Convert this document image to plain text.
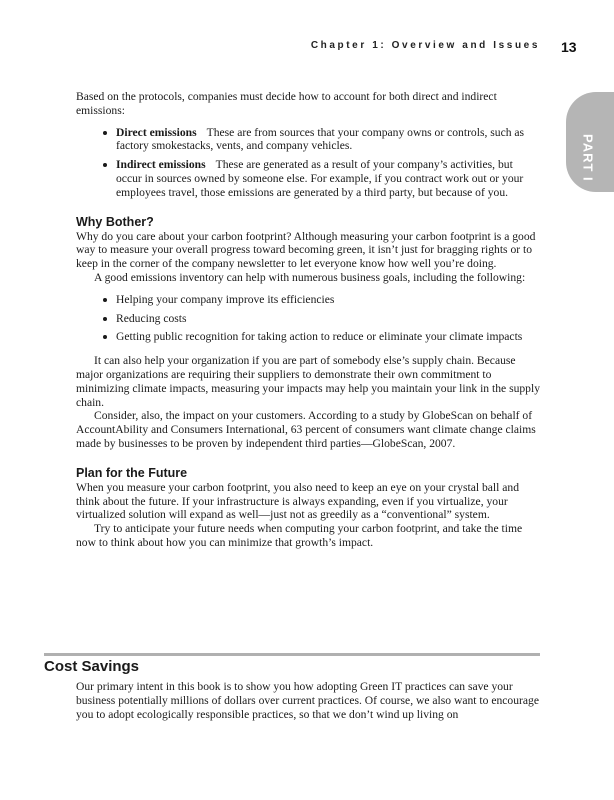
Chapter 1: Overview and Issues 13
PART I

Based on the protocols, companies must decide how to account for both direct and indirect emissions:

Direct emissions These are from sources that your company owns or controls, such as factory smokestacks, vents, and company vehicles.
Indirect emissions These are generated as a result of your company’s activities, but occur in sources owned by someone else. For example, if you contract work out or your employees travel, those emissions are generated by a third party, but because of you.
Why Bother?

Why do you care about your carbon footprint? Although measuring your carbon footprint is a good way to measure your overall progress toward becoming green, it isn’t just for bragging rights or to keep in the corner of the company newsletter to let everyone know how well you’re doing.

A good emissions inventory can help with numerous business goals, including the following:

Helping your company improve its efficiencies
Reducing costs
Getting public recognition for taking action to reduce or eliminate your climate impacts

It can also help your organization if you are part of somebody else’s supply chain. Because major organizations are requiring their suppliers to demonstrate their own commitment to minimizing climate impacts, measuring your impacts may help you maintain your link in the supply chain.

Consider, also, the impact on your customers. According to a study by GlobeScan on behalf of AccountAbility and Consumers International, 63 percent of consumers want climate change claims made by businesses to be proven by independent third parties—GlobeScan, 2007.

Plan for the Future

When you measure your carbon footprint, you also need to keep an eye on your crystal ball and think about the future. If your infrastructure is always expanding, even if you virtualize, your virtualized solution will expand as well—just not as greedily as a “conventional” system.

Try to anticipate your future needs when computing your carbon footprint, and take the time now to think about how you can minimize that growth’s impact.

Cost Savings

Our primary intent in this book is to show you how adopting Green IT practices can save your business potentially millions of dollars over current practices. Of course, we also want to encourage you to adopt ecologically responsible practices, so that we don’t wind up living on
